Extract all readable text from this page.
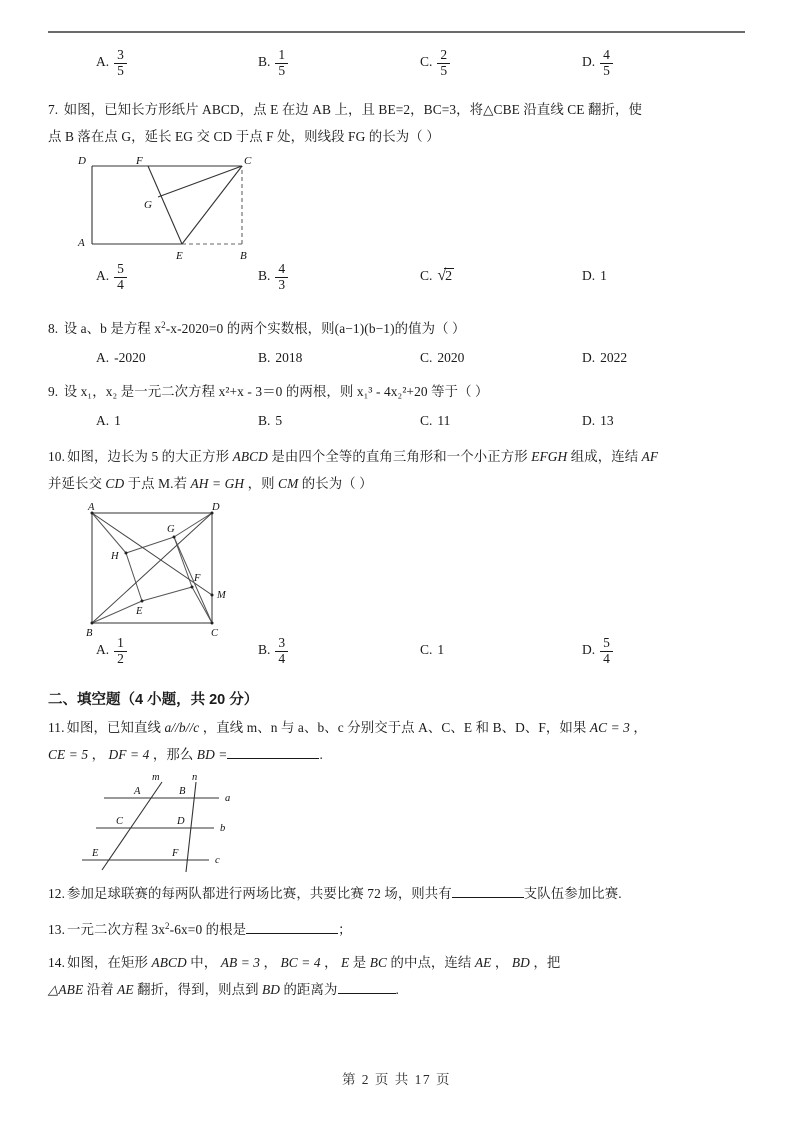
A. $\frac{3}{5}$	B. $\frac{1}{5}$	C. $\frac{2}{5}$	D. $\frac{4}{5}$
7. 如图，已知长方形纸片 ABCD，点 E 在边 AB 上，且 BE=2，BC=3，将△CBE 沿直线 CE 翻折，使
点 B 落在点 G，延长 EG 交 CD 于点 F 处，则线段 FG 的长为（ ）
D	F	C
G
A
E	B
A. $\frac{5}{4}$	B. $\frac{4}{3}$	C. √2	D. 1
8. 设 a、b 是方程 $x^2-x-2020=0$ 的两个实数根，则(a−1)(b−1)的值为（ ）
A. -2020	B. 2018	C. 2020	D. 2022
9. 设 x₁，x₂ 是一元二次方程 x²+x - 3＝0 的两根，则 x₁³ - 4x₂²+20 等于（ ）
A. 1	B. 5	C. 11	D. 13
10. 如图，边长为 5 的大正方形 ABCD 是由四个全等的直角三角形和一个小正方形 EFGH 组成，连结 AF
并延长交 CD 于点 M.若 AH = GH ，则 CM 的长为（ ）
A	D
G
H
F
M
E
B	C
A. $\frac{1}{2}$	B. $\frac{3}{4}$	C. 1	D. $\frac{5}{4}$
二、填空题（4 小题，共 20 分）
11. 如图，已知直线 a//b//c ，直线 m、n 与 a、b、c 分别交于点 A、C、E 和 B、D、F，如果 AC = 3 ，
CE = 5 ， DF = 4 ，那么 BD =	.
m	n
A	B
a
C	D
b
E	F
c
12. 参加足球联赛的每两队都进行两场比赛，共要比赛 72 场，则共有	支队伍参加比赛.
13. 一元二次方程 $3x^2-6x=0$ 的根是	；
14. 如图，在矩形 ABCD 中， AB = 3 ， BC = 4 ， E 是 BC 的中点，连结 AE ， BD ，把
△ABE 沿着 AE 翻折，得到，则点到 BD 的距离为	.
第 2 页 共 17 页
